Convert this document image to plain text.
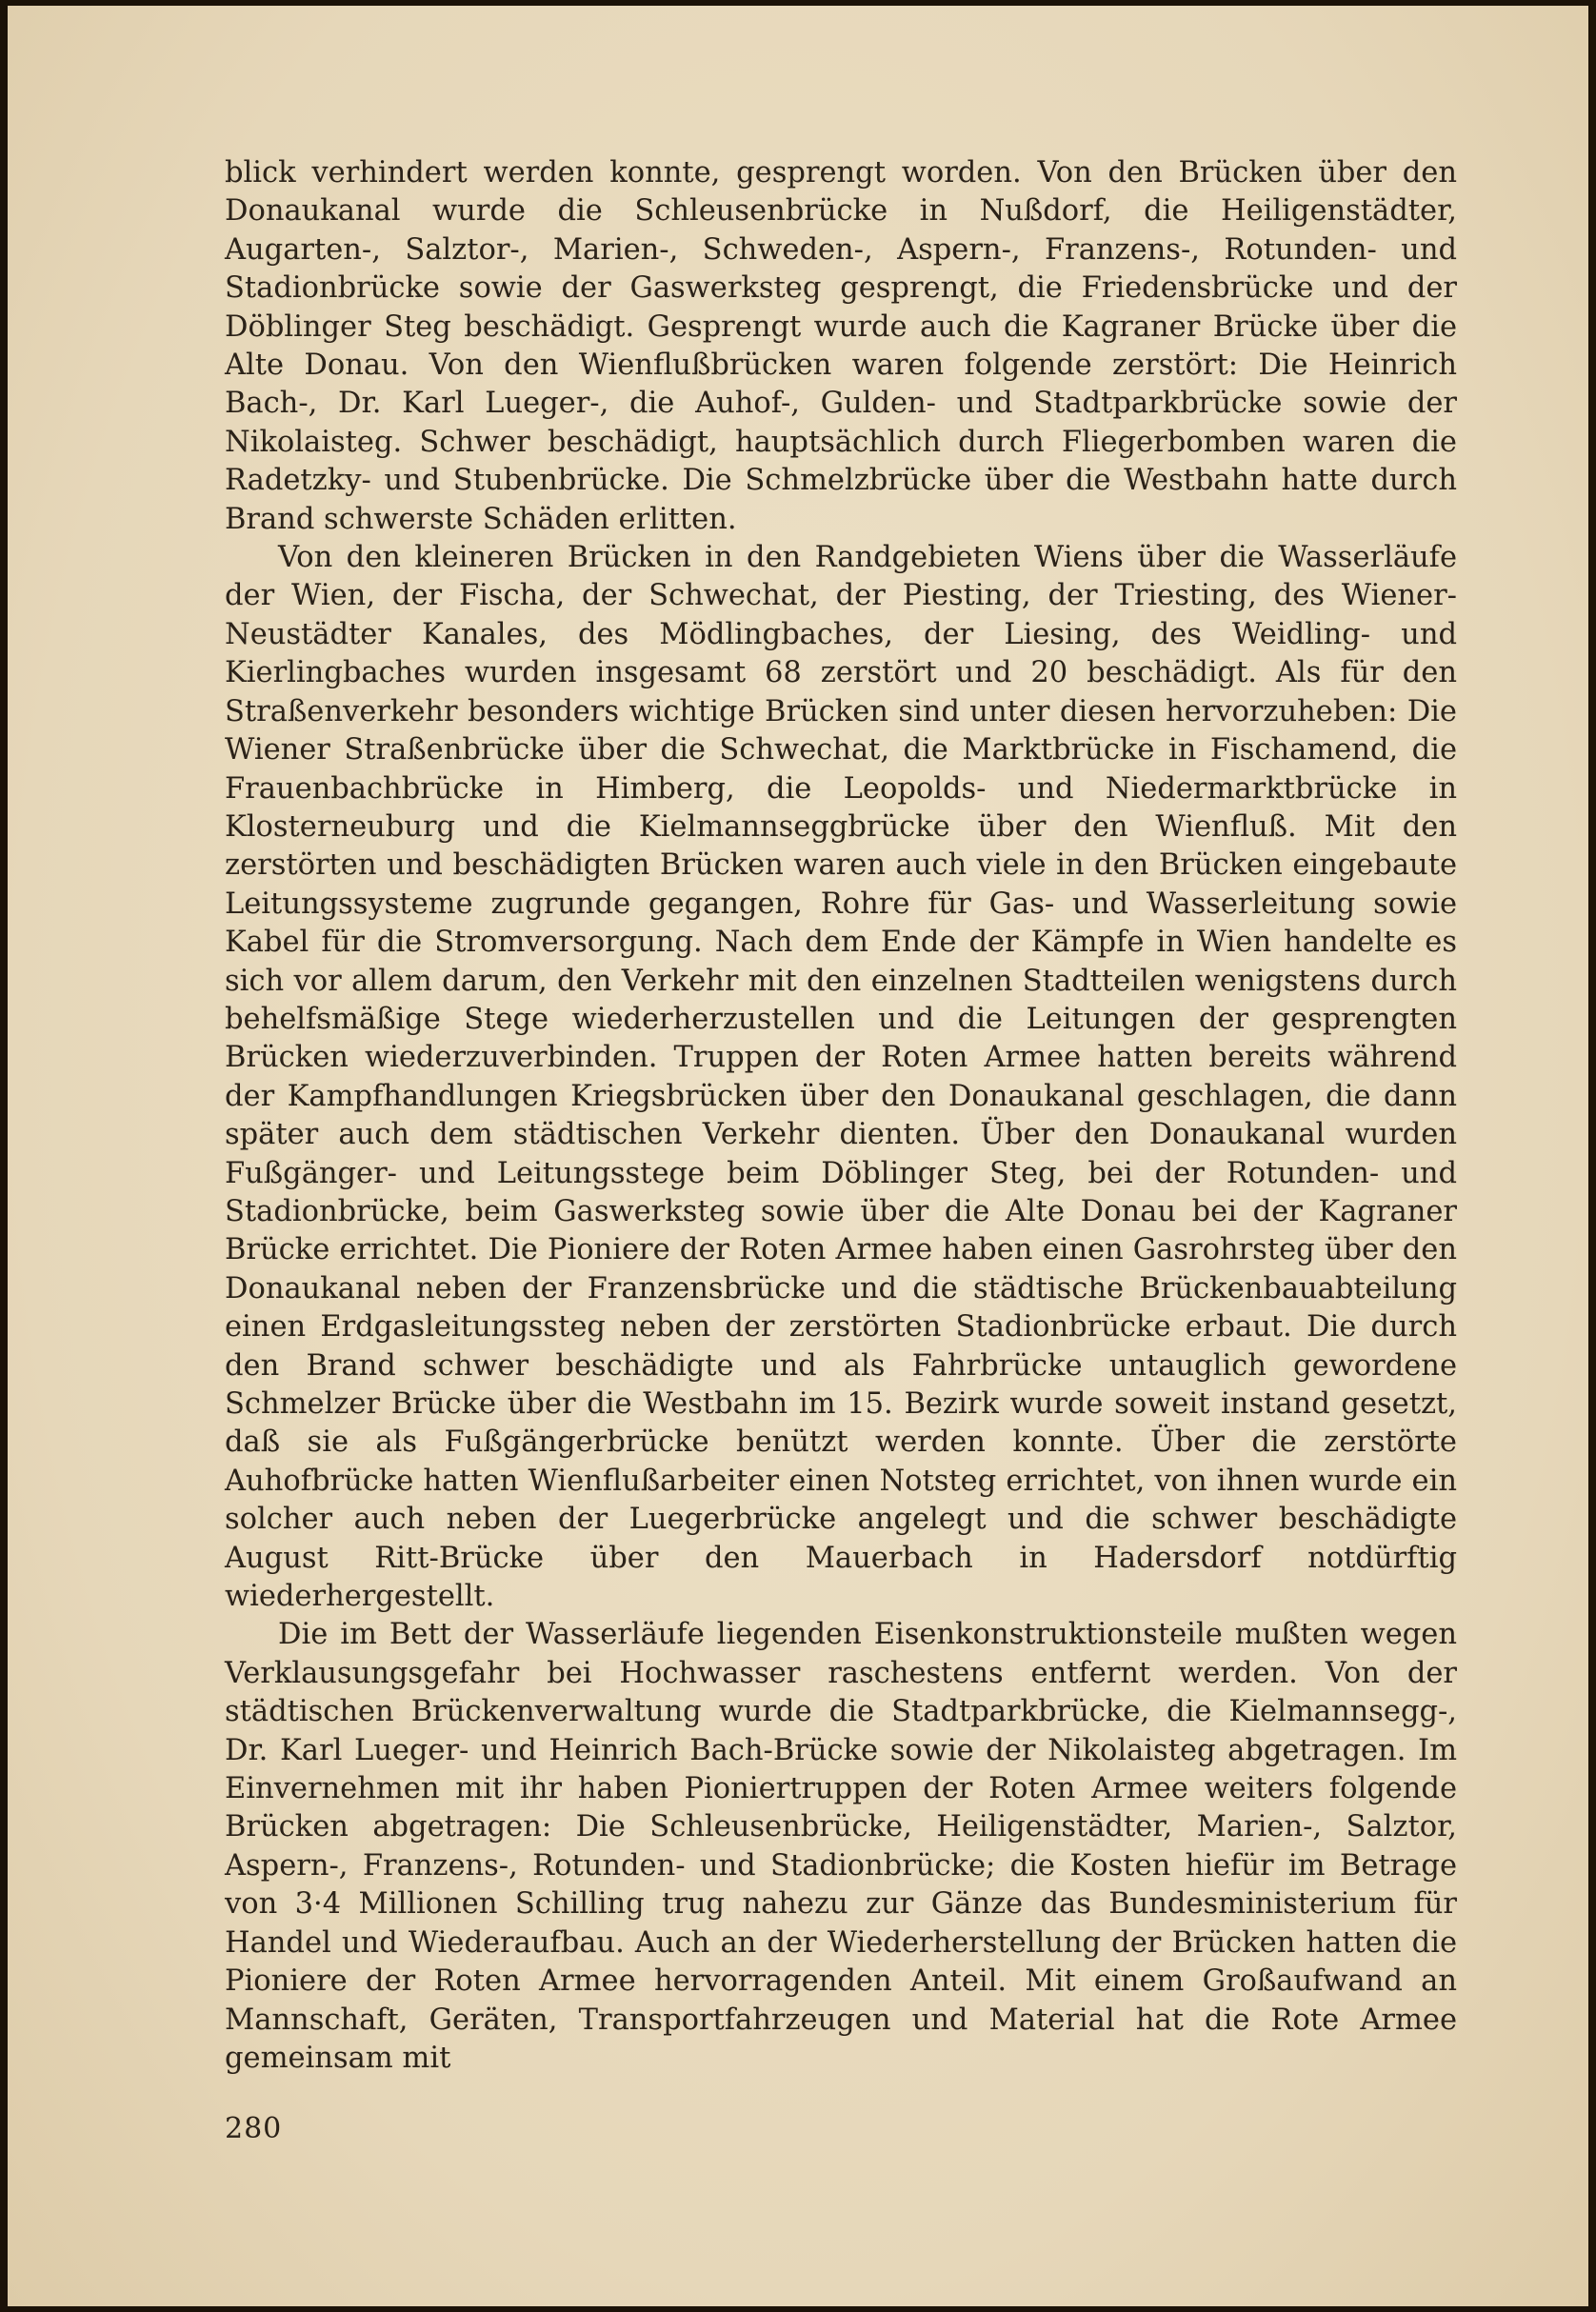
blick verhindert werden konnte, gesprengt worden. Von den Brücken über den Donaukanal wurde die Schleusenbrücke in Nußdorf, die Heiligenstädter, Augarten-, Salztor-, Marien-, Schweden-, Aspern-, Franzens-, Rotunden- und Stadionbrücke sowie der Gaswerksteg gesprengt, die Friedensbrücke und der Döblinger Steg beschädigt. Gesprengt wurde auch die Kagraner Brücke über die Alte Donau. Von den Wienflußbrücken waren folgende zerstört: Die Heinrich Bach-, Dr. Karl Lueger-, die Auhof-, Gulden- und Stadtparkbrücke sowie der Nikolaisteg. Schwer beschädigt, hauptsächlich durch Fliegerbomben waren die Radetzky- und Stubenbrücke. Die Schmelzbrücke über die Westbahn hatte durch Brand schwerste Schäden erlitten.

Von den kleineren Brücken in den Randgebieten Wiens über die Wasserläufe der Wien, der Fischa, der Schwechat, der Piesting, der Triesting, des Wiener-Neustädter Kanales, des Mödlingbaches, der Liesing, des Weidling- und Kierlingbaches wurden insgesamt 68 zerstört und 20 beschädigt. Als für den Straßenverkehr besonders wichtige Brücken sind unter diesen hervorzuheben: Die Wiener Straßenbrücke über die Schwechat, die Marktbrücke in Fischamend, die Frauenbachbrücke in Himberg, die Leopolds- und Niedermarktbrücke in Klosterneuburg und die Kielmannseggbrücke über den Wienfluß. Mit den zerstörten und beschädigten Brücken waren auch viele in den Brücken eingebaute Leitungssysteme zugrunde gegangen, Rohre für Gas- und Wasserleitung sowie Kabel für die Stromversorgung. Nach dem Ende der Kämpfe in Wien handelte es sich vor allem darum, den Verkehr mit den einzelnen Stadtteilen wenigstens durch behelfsmäßige Stege wiederherzustellen und die Leitungen der gesprengten Brücken wiederzuverbinden. Truppen der Roten Armee hatten bereits während der Kampfhandlungen Kriegsbrücken über den Donaukanal geschlagen, die dann später auch dem städtischen Verkehr dienten. Über den Donaukanal wurden Fußgänger- und Leitungsstege beim Döblinger Steg, bei der Rotunden- und Stadionbrücke, beim Gaswerksteg sowie über die Alte Donau bei der Kagraner Brücke errichtet. Die Pioniere der Roten Armee haben einen Gasrohrsteg über den Donaukanal neben der Franzensbrücke und die städtische Brückenbauabteilung einen Erdgasleitungssteg neben der zerstörten Stadionbrücke erbaut. Die durch den Brand schwer beschädigte und als Fahrbrücke untauglich gewordene Schmelzer Brücke über die Westbahn im 15. Bezirk wurde soweit instand gesetzt, daß sie als Fußgängerbrücke benützt werden konnte. Über die zerstörte Auhofbrücke hatten Wienflußarbeiter einen Notsteg errichtet, von ihnen wurde ein solcher auch neben der Luegerbrücke angelegt und die schwer beschädigte August Ritt-Brücke über den Mauerbach in Hadersdorf notdürftig wiederhergestellt.

Die im Bett der Wasserläufe liegenden Eisenkonstruktionsteile mußten wegen Verklausungsgefahr bei Hochwasser raschestens entfernt werden. Von der städtischen Brückenverwaltung wurde die Stadtparkbrücke, die Kielmannsegg-, Dr. Karl Lueger- und Heinrich Bach-Brücke sowie der Nikolaisteg abgetragen. Im Einvernehmen mit ihr haben Pioniertruppen der Roten Armee weiters folgende Brücken abgetragen: Die Schleusenbrücke, Heiligenstädter, Marien-, Salztor, Aspern-, Franzens-, Rotunden- und Stadionbrücke; die Kosten hiefür im Betrage von 3·4 Millionen Schilling trug nahezu zur Gänze das Bundesministerium für Handel und Wiederaufbau. Auch an der Wiederherstellung der Brücken hatten die Pioniere der Roten Armee hervorragenden Anteil. Mit einem Großaufwand an Mannschaft, Geräten, Transportfahrzeugen und Material hat die Rote Armee gemeinsam mit

280
